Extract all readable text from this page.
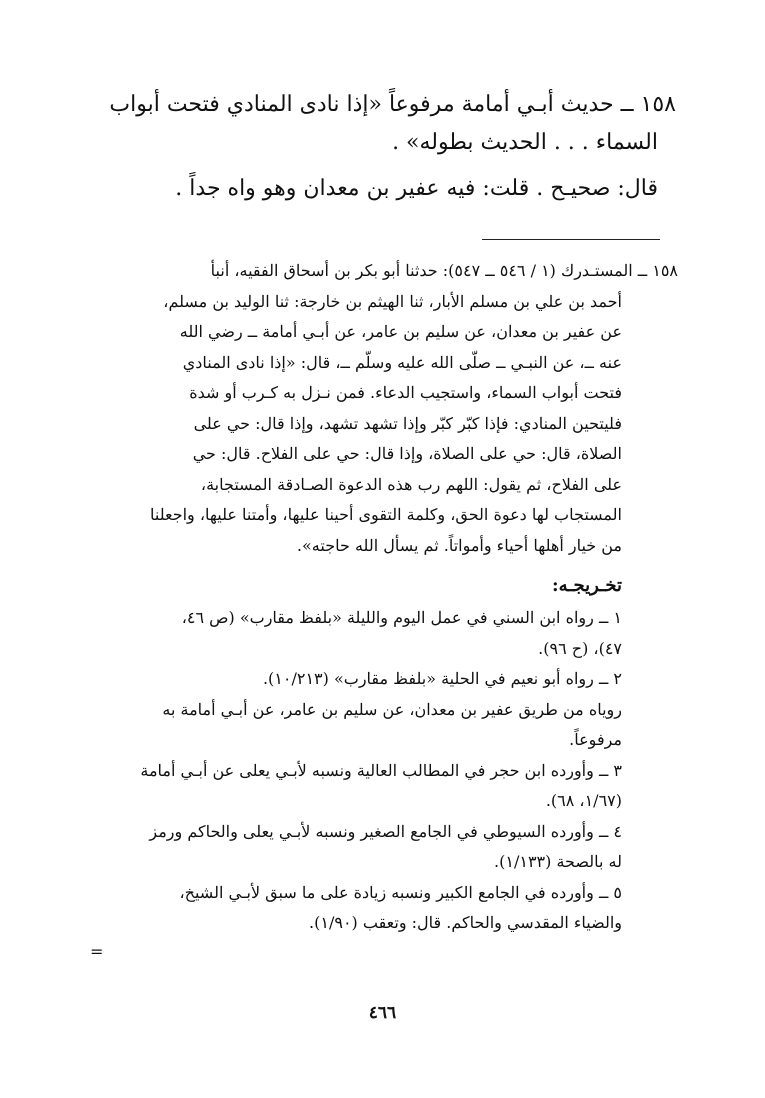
١٥٨ ــ حديث أبـي أمامة مرفوعاً «إذا نادى المنادي فتحت أبواب
السماء . . . الحديث بطوله» .
قال: صحيـح . قلت: فيه عفير بن معدان وهو واه جداً .
١٥٨ ــ المستـدرك (١ / ٥٤٦ ــ ٥٤٧): حدثنا أبو بكر بن أسحاق الفقيه، أنبأ
أحمد بن علي بن مسلم الأبار، ثنا الهيثم بن خارجة: ثنا الوليد بن مسلم،
عن عفير بن معدان، عن سليم بن عامر، عن أبـي أمامة ــ رضي الله
عنه ــ، عن النبـي ــ صلّى الله عليه وسلّم ــ، قال: «إذا نادى المنادي
فتحت أبواب السماء، واستجيب الدعاء. فمن نـزل به كـرب أو شدة
فليتحين المنادي: فإذا كبّر كبّر وإذا تشهد تشهد، وإذا قال: حي على
الصلاة، قال: حي على الصلاة، وإذا قال: حي على الفلاح. قال: حي
على الفلاح، ثم يقول: اللهم رب هذه الدعوة الصـادقة المستجابة،
المستجاب لها دعوة الحق، وكلمة التقوى أحينا عليها، وأمتنا عليها، واجعلنا
من خيار أهلها أحياء وأمواتاً. ثم يسأل الله حاجته».
تخـريجـه:
١ ــ رواه ابن السني في عمل اليوم والليلة «بلفظ مقارب» (ص ٤٦،
٤٧)، (ح ٩٦).
٢ ــ رواه أبو نعيم في الحلية «بلفظ مقارب» (١٠/٢١٣).
روياه من طريق عفير بن معدان، عن سليم بن عامر، عن أبـي أمامة به
مرفوعاً.
٣ ــ وأورده ابن حجر في المطالب العالية ونسبه لأبـي يعلى عن أبـي أمامة
(١/٦٧، ٦٨).
٤ ــ وأورده السيوطي في الجامع الصغير ونسبه لأبـي يعلى والحاكم ورمز
له بالصحة (١/١٣٣).
٥ ــ وأورده في الجامع الكبير ونسبه زيادة على ما سبق لأبـي الشيخ،
والضياء المقدسي والحاكم. قال: وتعقب (١/٩٠).
=
٤٦٦
